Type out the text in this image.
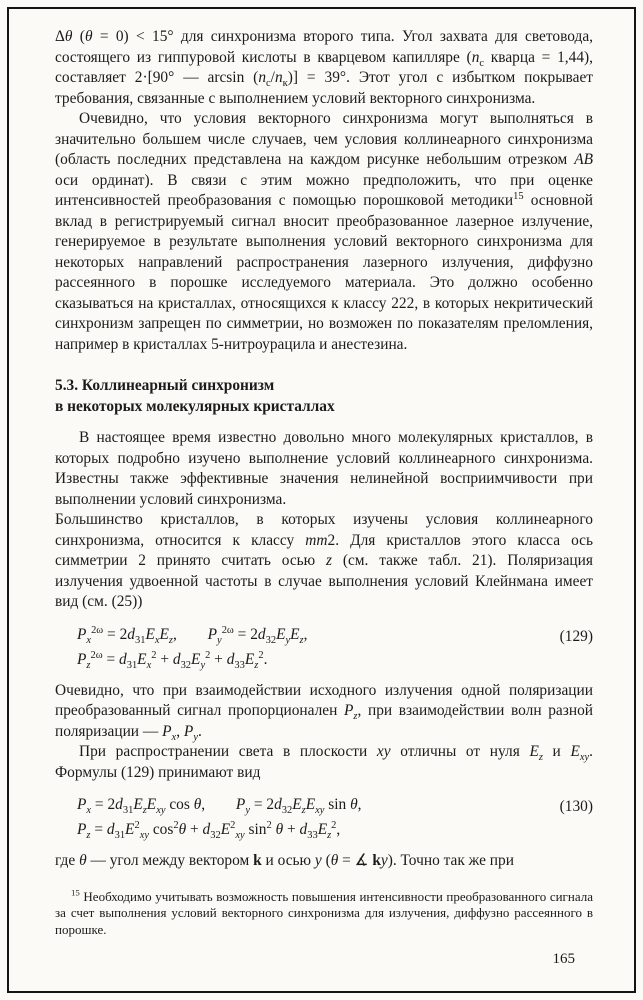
Δθ (θ = 0) < 15° для синхронизма второго типа. Угол захвата для световода, состоящего из гиппуровой кислоты в кварцевом капилляре ($n_с$ кварца = 1,44), составляет 2·[90° — $\arcsin (n_с/n_к)] = 39^\circ$. Этот угол с избытком покрывает требования, связанные с выполнением условий векторного синхронизма.

Очевидно, что условия векторного синхронизма могут выполняться в значительно большем числе случаев, чем условия коллинеарного синхронизма (область последних представлена на каждом рисунке небольшим отрезком АВ оси ординат). В связи с этим можно предположить, что при оценке интенсивностей преобразования с помощью порошковой методики$^{15}$ основной вклад в регистрируемый сигнал вносит преобразованное лазерное излучение, генерируемое в результате выполнения условий векторного синхронизма для некоторых направлений распространения лазерного излучения, диффузно рассеянного в порошке исследуемого материала. Это должно особенно сказываться на кристаллах, относящихся к классу 222, в которых некритический синхронизм запрещен по симметрии, но возможен по показателям преломления, например в кристаллах 5-нитроурацила и анестезина.

5.3. Коллинеарный синхронизм
в некоторых молекулярных кристаллах

В настоящее время известно довольно много молекулярных кристаллов, в которых подробно изучено выполнение условий коллинеарного синхронизма. Известны также эффективные значения нелинейной восприимчивости при выполнении условий синхронизма.

Большинство кристаллов, в которых изучены условия коллинеарного синхронизма, относится к классу mm2. Для кристаллов этого класса ось симметрии 2 принято считать осью z (см. также табл. 21). Поляризация излучения удвоенной частоты в случае выполнения условий Клейнмана имеет вид (см. (25))

$P_x^{2\omega} = 2d_{31}E_xE_z$,  $P_y^{2\omega} = 2d_{32}E_yE_z$,
$P_z^{2\omega} = d_{31}E_x^2 + d_{32}E_y^2 + d_{33}E_z^2$.
(129)

Очевидно, что при взаимодействии исходного излучения одной поляризации преобразованный сигнал пропорционален $P_z$, при взаимодействии волн разной поляризации — $P_x$, $P_y$.

При распространении света в плоскости xy отличны от нуля $E_z$ и $E_{xy}$. Формулы (129) принимают вид

$P_x = 2d_{31}E_zE_{xy}$ cos θ,  $P_y = 2d_{32}E_zE_{xy}$ sin θ,
$P_z = d_{31}E^2_{xy}$ $\cos^2\theta + d_{32}E^2_{xy}$ $\sin^2 \theta + d_{33}E_z^2$,
(130)

где θ — угол между вектором k и осью y (θ = ∡ ky). Точно так же при

$^{15}$ Необходимо учитывать возможность повышения интенсивности преобразованного сигнала за счет выполнения условий векторного синхронизма для излучения, диффузно рассеянного в порошке.
165
